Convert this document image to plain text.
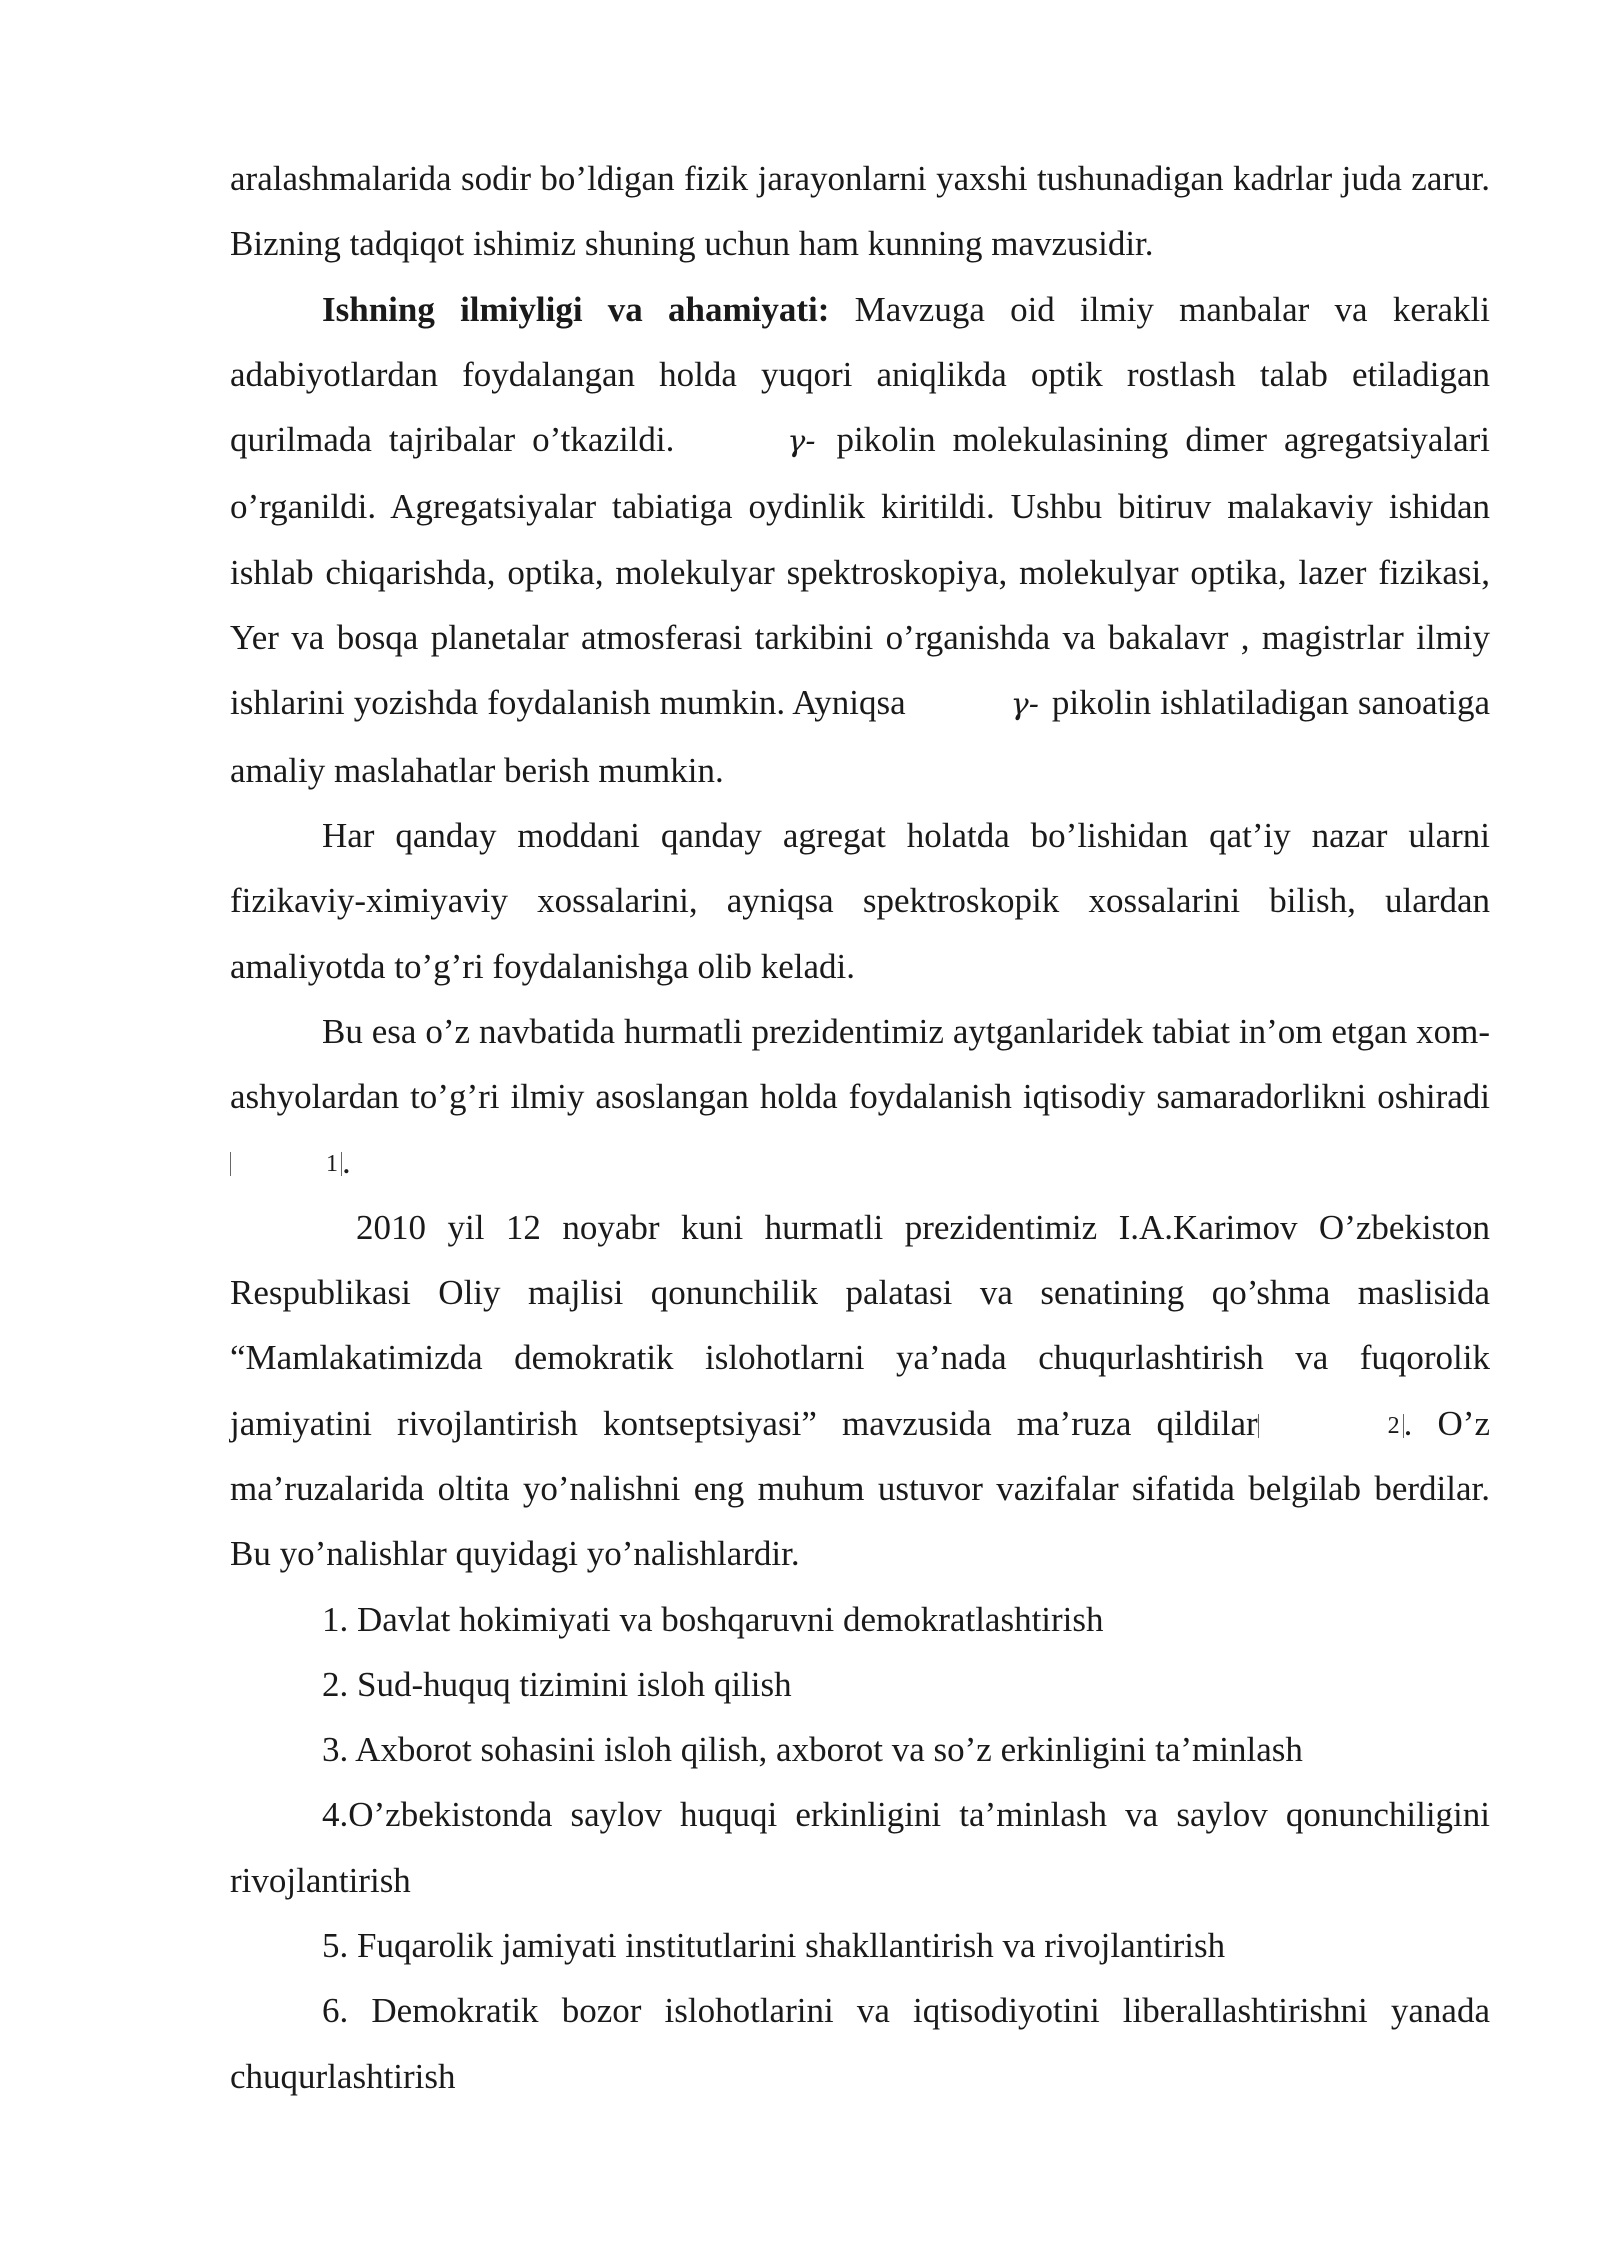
aralashmalarida sodir bo’ldigan fizik jarayonlarni yaxshi tushunadigan kadrlar juda zarur. Bizning tadqiqot ishimiz shuning uchun ham kunning mavzusidir.

Ishning ilmiyligi va ahamiyati: Mavzuga oid ilmiy manbalar va kerakli adabiyotlardan foydalangan holda yuqori aniqlikda optik rostlash talab etiladigan qurilmada tajribalar o’tkazildi.	𝛾- pikolin molekulasining dimer agregatsiyalari o’rganildi. Agregatsiyalar tabiatiga oydinlik kiritildi. Ushbu bitiruv malakaviy ishidan ishlab chiqarishda, optika, molekulyar spektroskopiya, molekulyar optika, lazer fizikasi, Yer va bosqa planetalar atmosferasi tarkibini o’rganishda va bakalavr , magistrlar ilmiy ishlarini yozishda foydalanish mumkin. Ayniqsa	𝛾- pikolin ishlatiladigan sanoatiga amaliy maslahatlar berish mumkin.

Har qanday moddani qanday agregat holatda bo’lishidan qat’iy nazar ularni fizikaviy-ximiyaviy xossalarini, ayniqsa spektroskopik xossalarini bilish, ulardan amaliyotda to’g’ri foydalanishga olib keladi.

Bu esa o’z navbatida hurmatli prezidentimiz aytganlaridek tabiat in’om etgan xom-ashyolardan to’g’ri ilmiy asoslangan holda foydalanish iqtisodiy samaradorlikni oshiradi1 .

2010 yil 12 noyabr kuni hurmatli prezidentimiz I.A.Karimov O’zbekiston Respublikasi Oliy majlisi qonunchilik palatasi va senatining qo’shma maslisida “Mamlakatimizda demokratik islohotlarni ya’nada chuqurlashtirish va fuqorolik jamiyatini rivojlantirish kontseptsiyasi” mavzusida ma’ruza qildilar	2 . O’z ma’ruzalarida oltita yo’nalishni eng muhum ustuvor vazifalar sifatida belgilab berdilar. Bu yo’nalishlar quyidagi yo’nalishlardir.

1. Davlat hokimiyati va boshqaruvni demokratlashtirish

2. Sud-huquq tizimini isloh qilish

3. Axborot sohasini isloh qilish, axborot va so’z erkinligini ta’minlash

4.O’zbekistonda saylov huquqi erkinligini ta’minlash va saylov qonunchiligini rivojlantirish

5. Fuqarolik jamiyati institutlarini shakllantirish va rivojlantirish

6. Demokratik bozor islohotlarini va iqtisodiyotini liberallashtirishni yanada chuqurlashtirish
